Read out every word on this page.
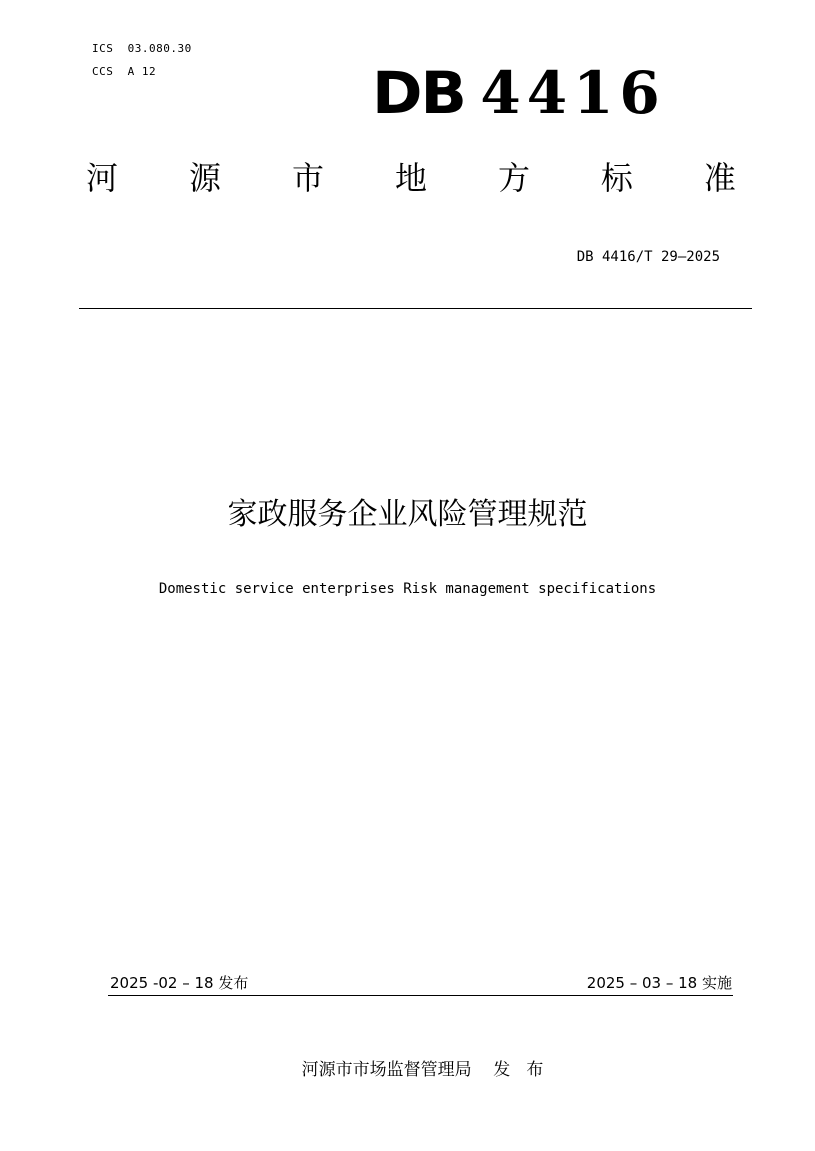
ICS  03.080.30
CCS  A 12	DB 4416
河 源 市 地 方 标 准
DB 4416/T 29—2025
家政服务企业风险管理规范
Domestic service enterprises Risk management specifications
2025 -02 – 18 发布	2025 – 03 – 18 实施
河源市市场监督管理局    发   布
